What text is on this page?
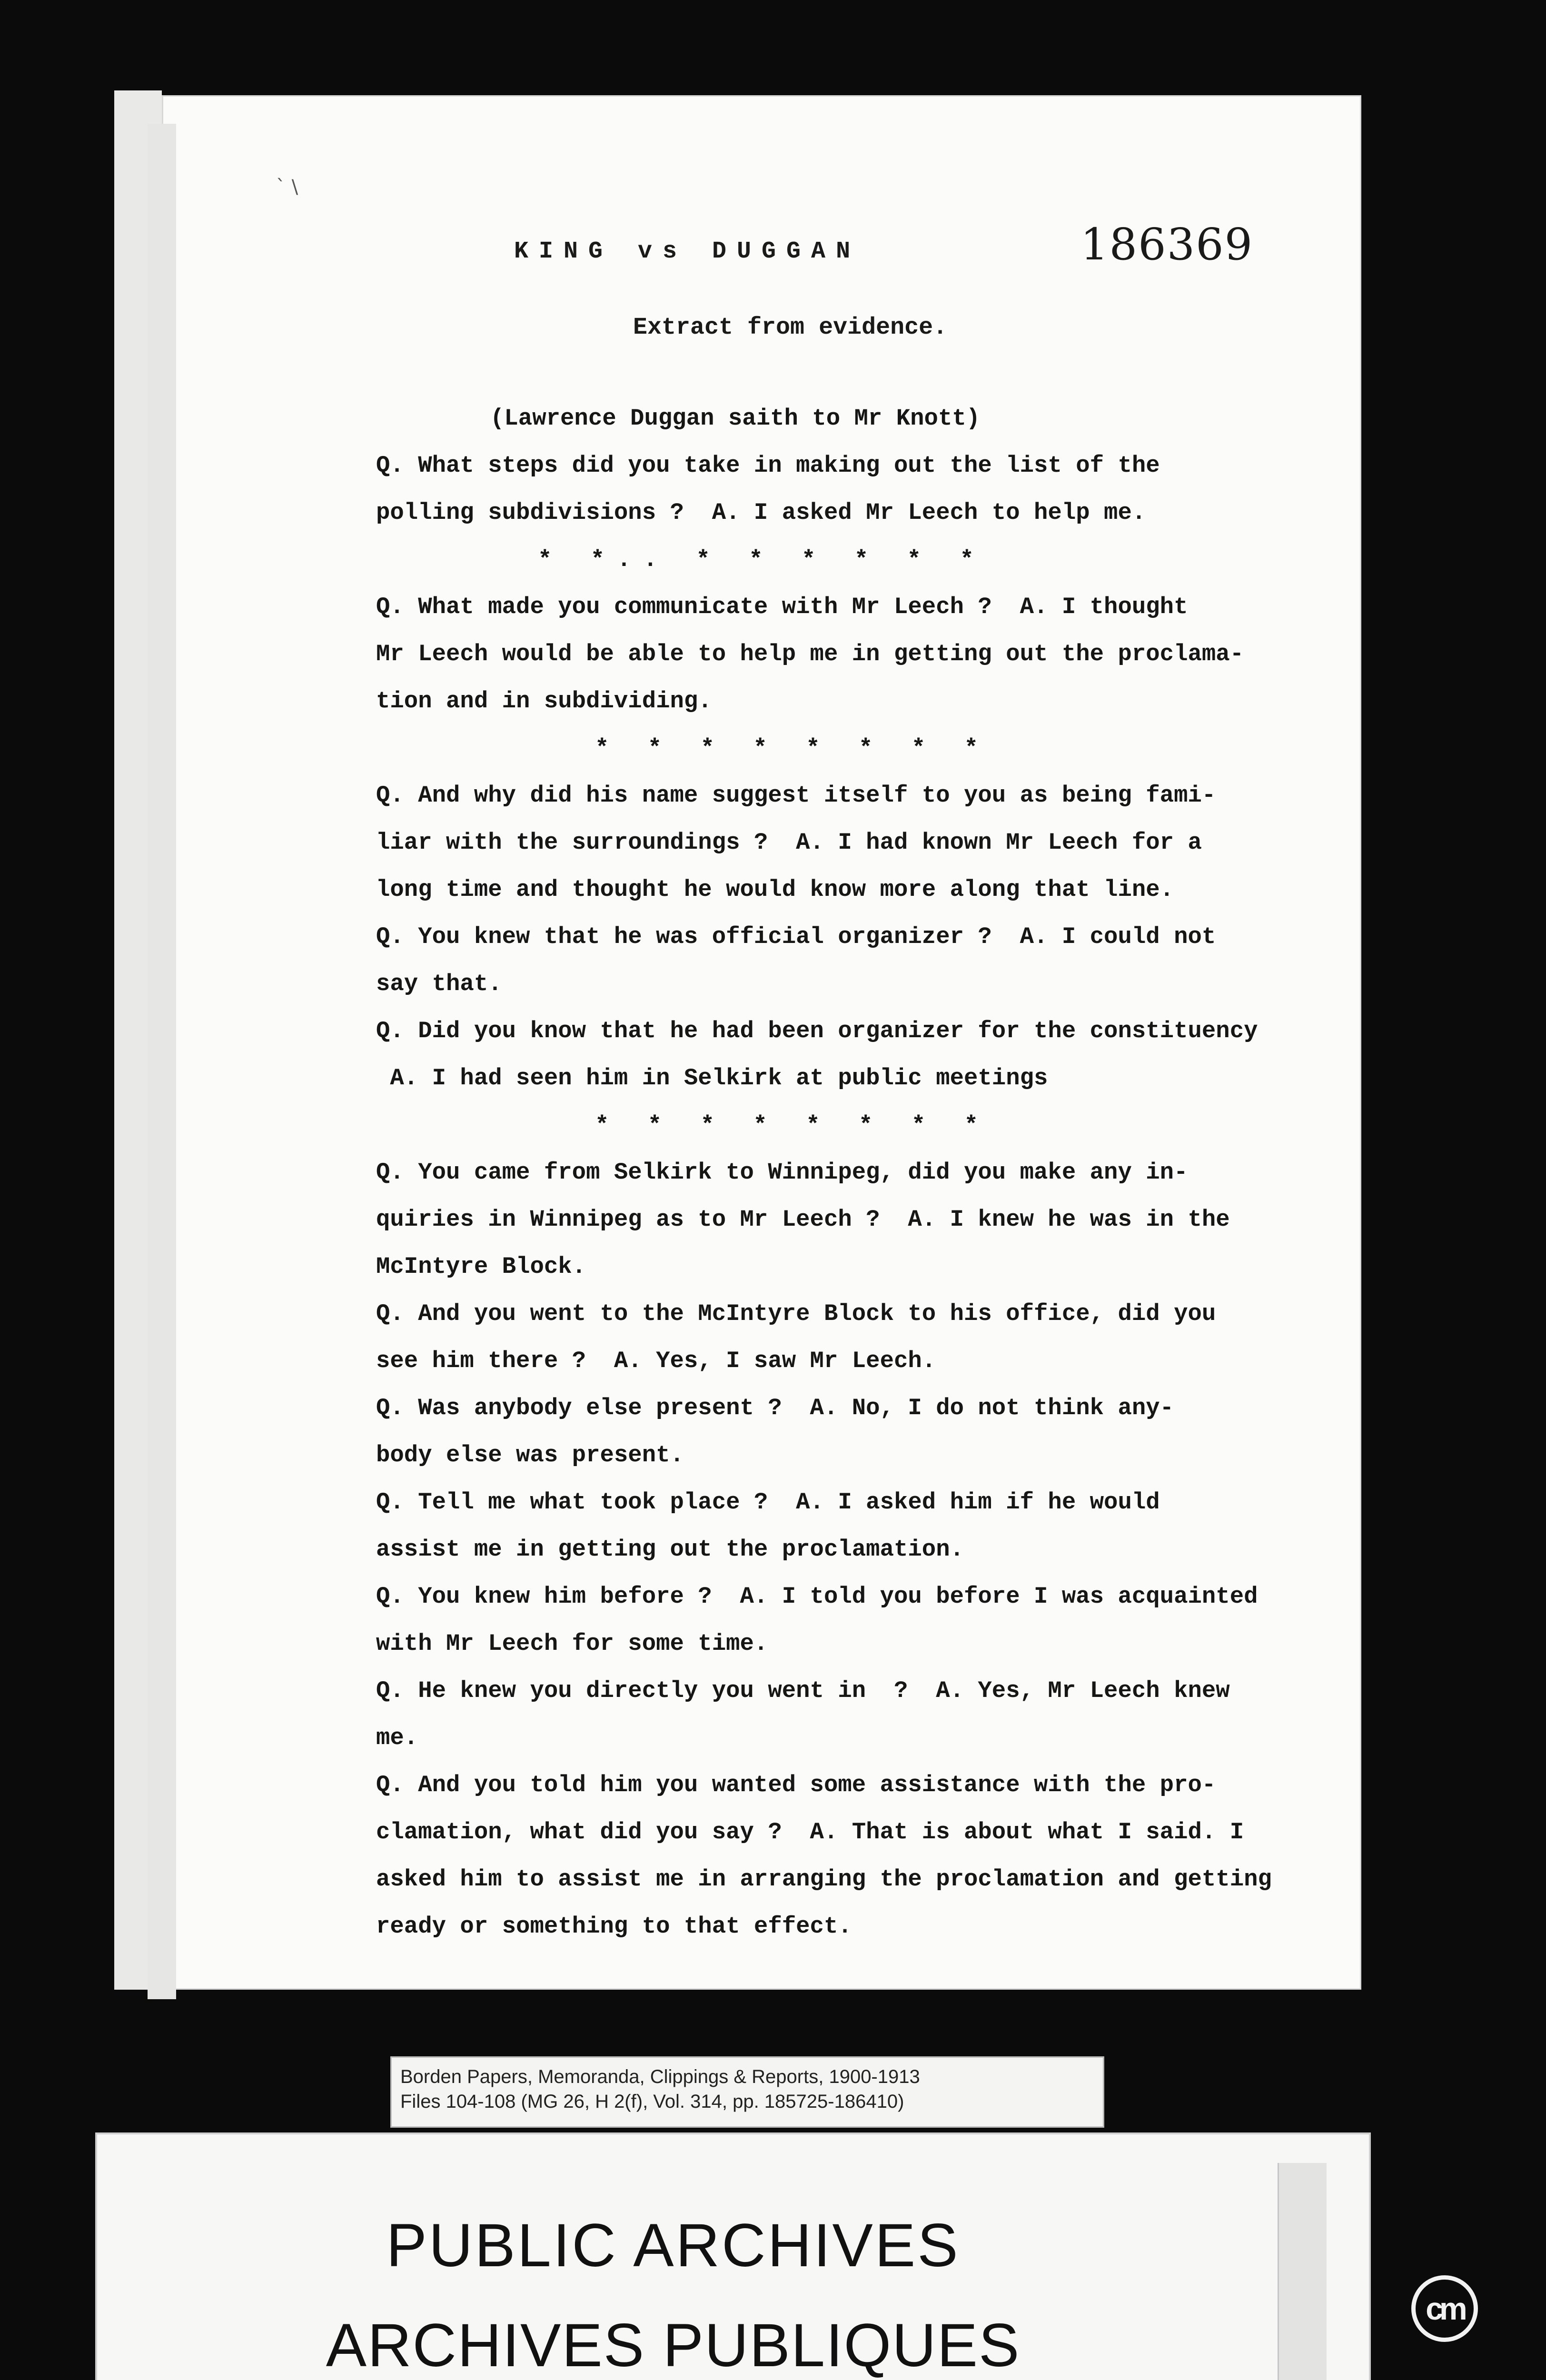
` \
KING vs DUGGAN	186369
Extract from evidence.
(Lawrence Duggan saith to Mr Knott)
Q. What steps did you take in making out the list of the
polling subdivisions ?  A. I asked Mr Leech to help me.
* *.. * * * * * *
Q. What made you communicate with Mr Leech ?  A. I thought
Mr Leech would be able to help me in getting out the proclama-
tion and in subdividing.
* * * * * * * *
Q. And why did his name suggest itself to you as being fami-
liar with the surroundings ?  A. I had known Mr Leech for a
long time and thought he would know more along that line.
Q. You knew that he was official organizer ?  A. I could not
say that.
Q. Did you know that he had been organizer for the constituency
A. I had seen him in Selkirk at public meetings
* * * * * * * *
Q. You came from Selkirk to Winnipeg, did you make any in-
quiries in Winnipeg as to Mr Leech ?  A. I knew he was in the
McIntyre Block.
Q. And you went to the McIntyre Block to his office, did you
see him there ?  A. Yes, I saw Mr Leech.
Q. Was anybody else present ?  A. No, I do not think any-
body else was present.
Q. Tell me what took place ?  A. I asked him if he would
assist me in getting out the proclamation.
Q. You knew him before ?  A. I told you before I was acquainted
with Mr Leech for some time.
Q. He knew you directly you went in  ?  A. Yes, Mr Leech knew
me.
Q. And you told him you wanted some assistance with the pro-
clamation, what did you say ?  A. That is about what I said. I
asked him to assist me in arranging the proclamation and getting
ready or something to that effect.
Borden Papers, Memoranda, Clippings & Reports, 1900-1913
Files 104-108 (MG 26, H 2(f), Vol. 314, pp. 185725-186410)
PUBLIC ARCHIVES
ARCHIVES PUBLIQUES
cm
